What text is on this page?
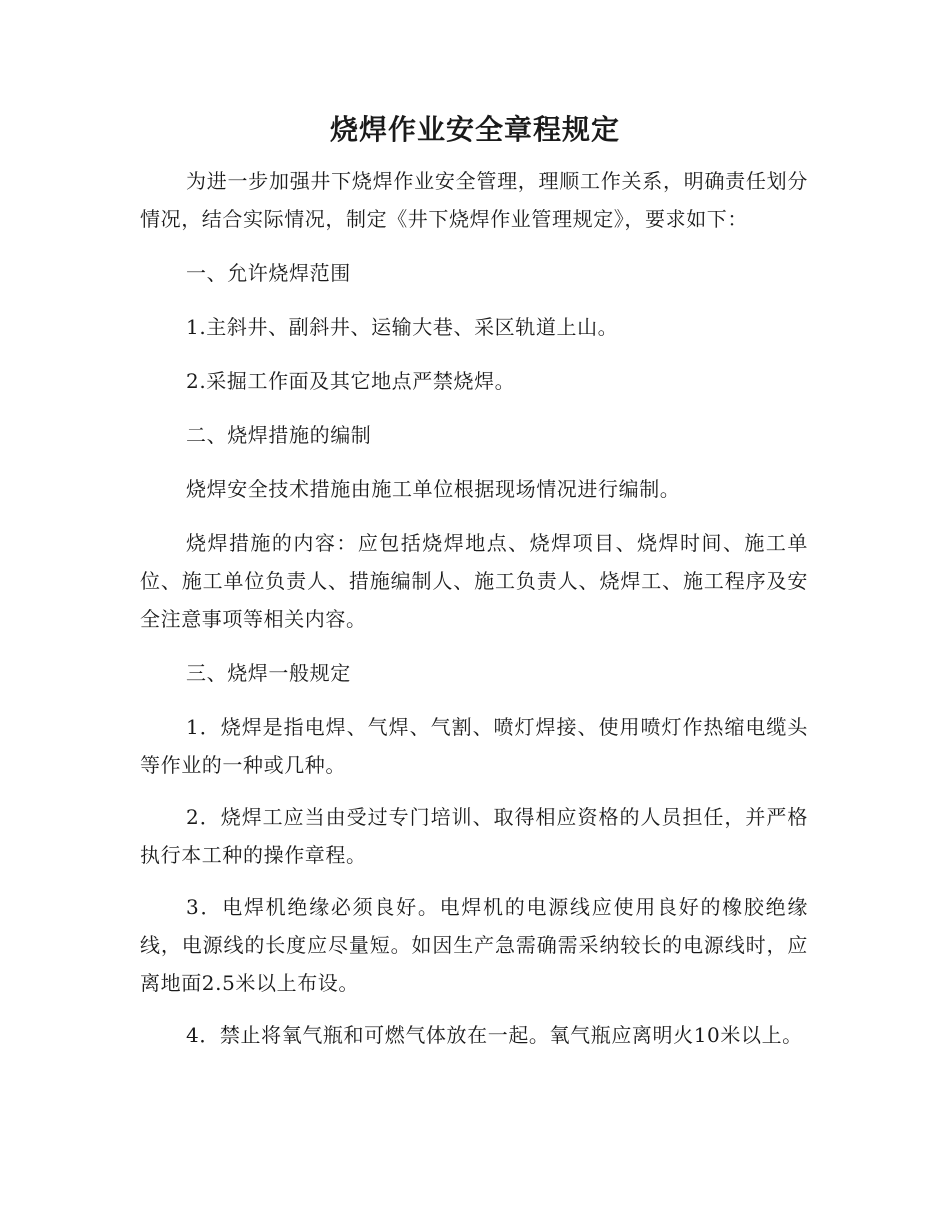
烧焊作业安全章程规定

为进一步加强井下烧焊作业安全管理，理顺工作关系，明确责任划分情况，结合实际情况，制定《井下烧焊作业管理规定》，要求如下：

一、允许烧焊范围

1.主斜井、副斜井、运输大巷、采区轨道上山。

2.采掘工作面及其它地点严禁烧焊。

二、烧焊措施的编制

烧焊安全技术措施由施工单位根据现场情况进行编制。

烧焊措施的内容：应包括烧焊地点、烧焊项目、烧焊时间、施工单位、施工单位负责人、措施编制人、施工负责人、烧焊工、施工程序及安全注意事项等相关内容。

三、烧焊一般规定

1．烧焊是指电焊、气焊、气割、喷灯焊接、使用喷灯作热缩电缆头等作业的一种或几种。

2．烧焊工应当由受过专门培训、取得相应资格的人员担任，并严格执行本工种的操作章程。

3．电焊机绝缘必须良好。电焊机的电源线应使用良好的橡胶绝缘线，电源线的长度应尽量短。如因生产急需确需采纳较长的电源线时，应离地面2.5米以上布设。

4．禁止将氧气瓶和可燃气体放在一起。氧气瓶应离明火10米以上。
